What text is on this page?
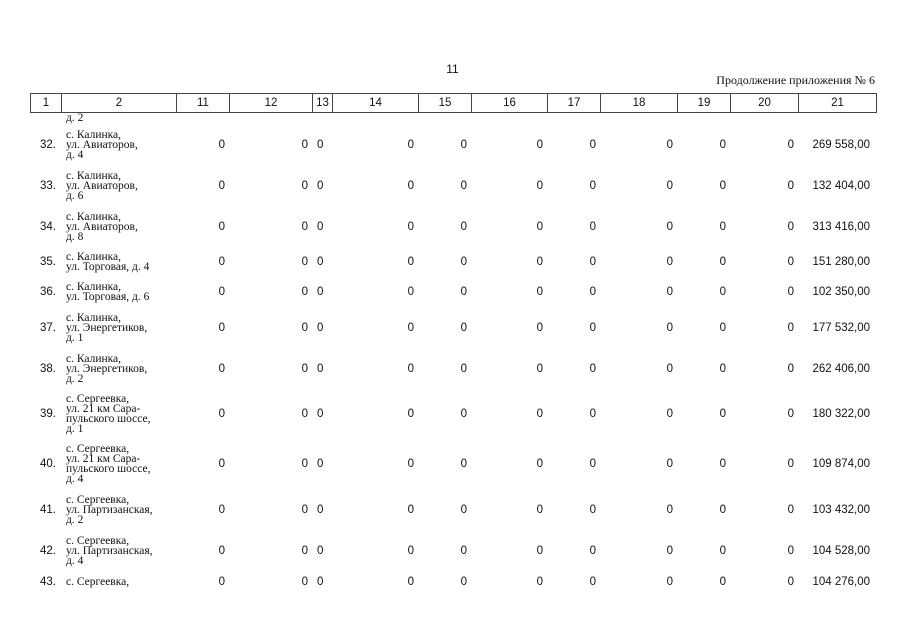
11
Продолжение приложения № 6
1	2	11	12	13	14	15	16	17	18	19	20	21
	д. 2											
32.	с. Калинка,
ул. Авиаторов,
д. 4	0	0	0	0	0	0	0	0	0	0	269 558,00
33.	с. Калинка,
ул. Авиаторов,
д. 6	0	0	0	0	0	0	0	0	0	0	132 404,00
34.	с. Калинка,
ул. Авиаторов,
д. 8	0	0	0	0	0	0	0	0	0	0	313 416,00
35.	с. Калинка,
ул. Торговая, д. 4	0	0	0	0	0	0	0	0	0	0	151 280,00
36.	с. Калинка,
ул. Торговая, д. 6	0	0	0	0	0	0	0	0	0	0	102 350,00
37.	с. Калинка,
ул. Энергетиков,
д. 1	0	0	0	0	0	0	0	0	0	0	177 532,00
38.	с. Калинка,
ул. Энергетиков,
д. 2	0	0	0	0	0	0	0	0	0	0	262 406,00
39.	с. Сергеевка,
ул. 21 км Сара-
пульского шоссе,
д. 1	0	0	0	0	0	0	0	0	0	0	180 322,00
40.	с. Сергеевка,
ул. 21 км Сара-
пульского шоссе,
д. 4	0	0	0	0	0	0	0	0	0	0	109 874,00
41.	с. Сергеевка,
ул. Партизанская,
д. 2	0	0	0	0	0	0	0	0	0	0	103 432,00
42.	с. Сергеевка,
ул. Партизанская,
д. 4	0	0	0	0	0	0	0	0	0	0	104 528,00
43.	с. Сергеевка,	0	0	0	0	0	0	0	0	0	0	104 276,00
